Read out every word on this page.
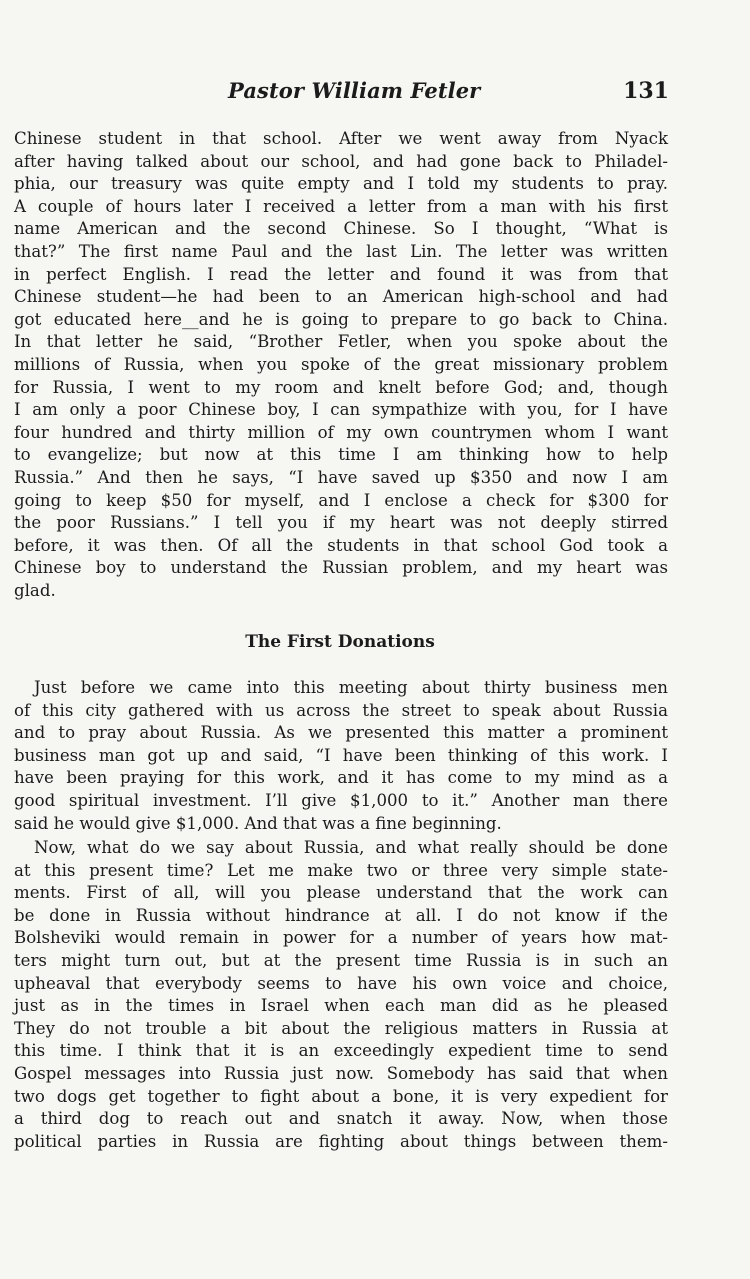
Pastor William Fetler	131
Chinese student in that school. After we went away from Nyack
after having talked about our school, and had gone back to Philadel-
phia, our treasury was quite empty and I told my students to pray.
A couple of hours later I received a letter from a man with his first
name American and the second Chinese. So I thought, “What is
that?” The first name Paul and the last Lin. The letter was written
in perfect English. I read the letter and found it was from that
Chinese student—he had been to an American high-school and had
got educated here__and he is going to prepare to go back to China.
In that letter he said, “Brother Fetler, when you spoke about the
millions of Russia, when you spoke of the great missionary problem
for Russia, I went to my room and knelt before God; and, though
I am only a poor Chinese boy, I can sympathize with you, for I have
four hundred and thirty million of my own countrymen whom I want
to evangelize; but now at this time I am thinking how to help
Russia.” And then he says, “I have saved up $350 and now I am
going to keep $50 for myself, and I enclose a check for $300 for
the poor Russians.” I tell you if my heart was not deeply stirred
before, it was then. Of all the students in that school God took a
Chinese boy to understand the Russian problem, and my heart was
glad.
The First Donations
Just before we came into this meeting about thirty business men
of this city gathered with us across the street to speak about Russia
and to pray about Russia. As we presented this matter a prominent
business man got up and said, “I have been thinking of this work. I
have been praying for this work, and it has come to my mind as a
good spiritual investment. I’ll give $1,000 to it.” Another man there
said he would give $1,000. And that was a fine beginning.
Now, what do we say about Russia, and what really should be done
at this present time? Let me make two or three very simple state-
ments. First of all, will you please understand that the work can
be done in Russia without hindrance at all. I do not know if the
Bolsheviki would remain in power for a number of years how mat-
ters might turn out, but at the present time Russia is in such an
upheaval that everybody seems to have his own voice and choice,
just as in the times in Israel when each man did as he pleased
They do not trouble a bit about the religious matters in Russia at
this time. I think that it is an exceedingly expedient time to send
Gospel messages into Russia just now. Somebody has said that when
two dogs get together to fight about a bone, it is very expedient for
a third dog to reach out and snatch it away. Now, when those
political parties in Russia are fighting about things between them-
